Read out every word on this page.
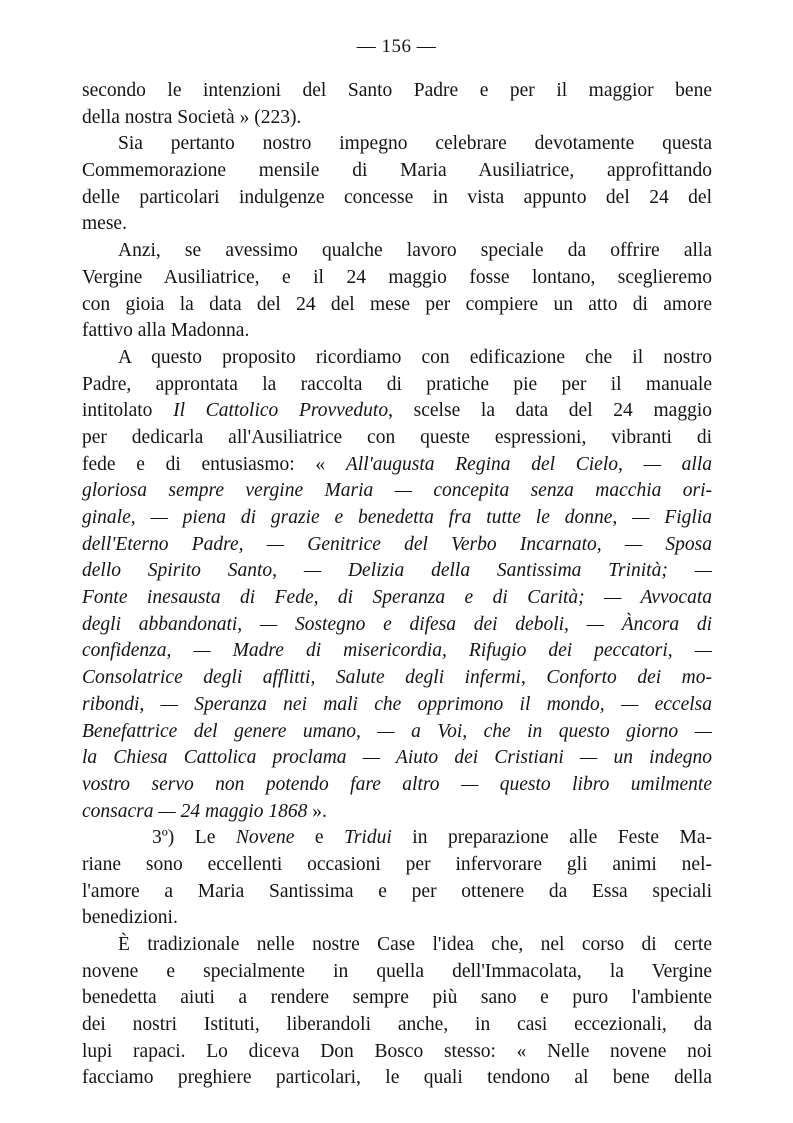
— 156 —
secondo le intenzioni del Santo Padre e per il maggior bene
della nostra Società » (223).
Sia pertanto nostro impegno celebrare devotamente questa
Commemorazione mensile di Maria Ausiliatrice, approfittando
delle particolari indulgenze concesse in vista appunto del 24 del
mese.
Anzi, se avessimo qualche lavoro speciale da offrire alla
Vergine Ausiliatrice, e il 24 maggio fosse lontano, sceglieremo
con gioia la data del 24 del mese per compiere un atto di amore
fattivo alla Madonna.
A questo proposito ricordiamo con edificazione che il nostro
Padre, approntata la raccolta di pratiche pie per il manuale
intitolato Il Cattolico Provveduto, scelse la data del 24 maggio
per dedicarla all'Ausiliatrice con queste espressioni, vibranti di
fede e di entusiasmo: « All'augusta Regina del Cielo, — alla
gloriosa sempre vergine Maria — concepita senza macchia ori-
ginale, — piena di grazie e benedetta fra tutte le donne, — Figlia
dell'Eterno Padre, — Genitrice del Verbo Incarnato, — Sposa
dello Spirito Santo, — Delizia della Santissima Trinità; —
Fonte inesausta di Fede, di Speranza e di Carità; — Avvocata
degli abbandonati, — Sostegno e difesa dei deboli, — Àncora di
confidenza, — Madre di misericordia, Rifugio dei peccatori, —
Consolatrice degli afflitti, Salute degli infermi, Conforto dei mo-
ribondi, — Speranza nei mali che opprimono il mondo, — eccelsa
Benefattrice del genere umano, — a Voi, che in questo giorno —
la Chiesa Cattolica proclama — Aiuto dei Cristiani — un indegno
vostro servo non potendo fare altro — questo libro umilmente
consacra — 24 maggio 1868 ».
3º) Le Novene e Tridui in preparazione alle Feste Ma-
riane sono eccellenti occasioni per infervorare gli animi nel-
l'amore a Maria Santissima e per ottenere da Essa speciali
benedizioni.
È tradizionale nelle nostre Case l'idea che, nel corso di certe
novene e specialmente in quella dell'Immacolata, la Vergine
benedetta aiuti a rendere sempre più sano e puro l'ambiente
dei nostri Istituti, liberandoli anche, in casi eccezionali, da
lupi rapaci. Lo diceva Don Bosco stesso: « Nelle novene noi
facciamo preghiere particolari, le quali tendono al bene della
